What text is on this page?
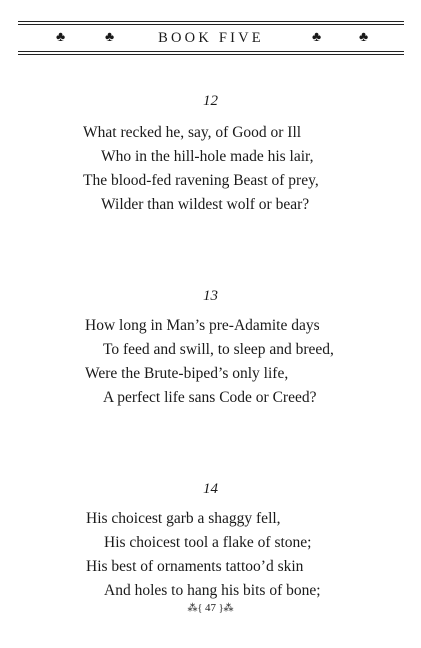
♣	♣	BOOK FIVE	♣	♣
12
What recked he, say, of Good or Ill
Who in the hill-hole made his lair,
The blood-fed ravening Beast of prey,
Wilder than wildest wolf or bear?
13
How long in Man’s pre-Adamite days
To feed and swill, to sleep and breed,
Were the Brute-biped’s only life,
A perfect life sans Code or Creed?
14
His choicest garb a shaggy fell,
His choicest tool a flake of stone;
His best of ornaments tattoo’d skin
And holes to hang his bits of bone;
⁂{ 47 }⁂
